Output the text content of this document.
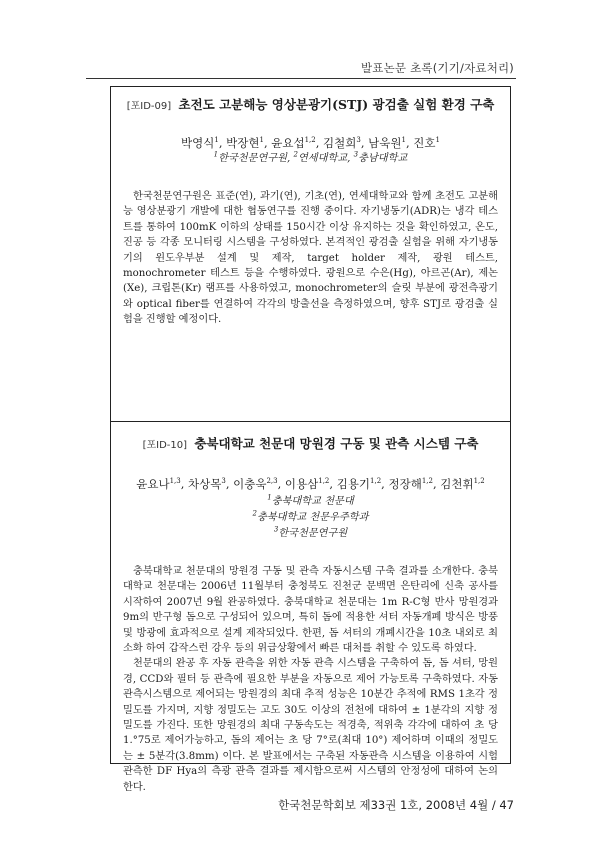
발표논문 초록(기기/자료처리)
[포ID-09] 초전도 고분해능 영상분광기(STJ) 광검출 실험 환경 구축
박영식$^1$, 박장현$^1$, 윤요섭$^{1,2}$, 김철희$^3$, 남욱원$^1$, 진호$^1$
$^1$한국천문연구원, $^2$연세대학교, $^3$충남대학교

한국천문연구원은 표준(연), 과기(연), 기초(연), 연세대학교와 함께 초전도 고분해능 영상분광기 개발에 대한 협동연구를 진행 중이다. 자기냉동기(ADR)는 냉각 테스트를 통하여 100mK 이하의 상태를 150시간 이상 유지하는 것을 확인하였고, 온도, 진공 등 각종 모니터링 시스템을 구성하였다. 본격적인 광검출 실험을 위해 자기냉동기의 윈도우부분 설계 및 제작, target holder 제작, 광원 테스트, monochrometer 테스트 등을 수행하였다. 광원으로 수은(Hg), 아르곤(Ar), 제논(Xe), 크립톤(Kr) 램프를 사용하였고, monochrometer의 슬릿 부분에 광전측광기와 optical fiber를 연결하여 각각의 방출선을 측정하였으며, 향후 STJ로 광검출 실험을 진행할 예정이다.

[포ID-10] 충북대학교 천문대 망원경 구동 및 관측 시스템 구축
윤요나$^{1,3}$, 차상목$^3$, 이충욱$^{2,3}$, 이용삼$^{1,2}$, 김용기$^{1,2}$, 정장해$^{1,2}$, 김천휘$^{1,2}$
$^1$충북대학교 천문대
$^2$충북대학교 천문우주학과
$^3$한국천문연구원

충북대학교 천문대의 망원경 구동 및 관측 자동시스템 구축 결과를 소개한다. 충북대학교 천문대는 2006년 11월부터 충청북도 진천군 문백면 은탄리에 신축 공사를 시작하여 2007년 9월 완공하였다. 충북대학교 천문대는 1m R-C형 반사 망원경과 9m의 반구형 돔으로 구성되어 있으며, 특히 돔에 적용한 셔터 자동개폐 방식은 방풍 및 방광에 효과적으로 설계 제작되었다. 한편, 돔 셔터의 개폐시간을 10초 내외로 최소화 하여 갑작스런 강우 등의 위급상황에서 빠른 대처를 취할 수 있도록 하였다.

천문대의 완공 후 자동 관측을 위한 자동 관측 시스템을 구축하여 돔, 돔 셔터, 망원경, CCD와 필터 등 관측에 필요한 부분을 자동으로 제어 가능토록 구축하였다. 자동관측시스템으로 제어되는 망원경의 최대 추적 성능은 10분간 추적에 RMS 1초각 정밀도를 가지며, 지향 정밀도는 고도 30도 이상의 전천에 대하여 ± 1분각의 지향 정밀도를 가진다. 또한 망원경의 최대 구동속도는 적경축, 적위축 각각에 대하여 초 당 1.°75로 제어가능하고, 돔의 제어는 초 당 7°로(최대 10°) 제어하며 이때의 정밀도는 ± 5분각(3.8mm) 이다. 본 발표에서는 구축된 자동관측 시스템을 이용하여 시험 관측한 DF Hya의 측광 관측 결과를 제시함으로써 시스템의 안정성에 대하여 논의 한다.

한국천문학회보 제33권 1호, 2008년 4월 / 47
